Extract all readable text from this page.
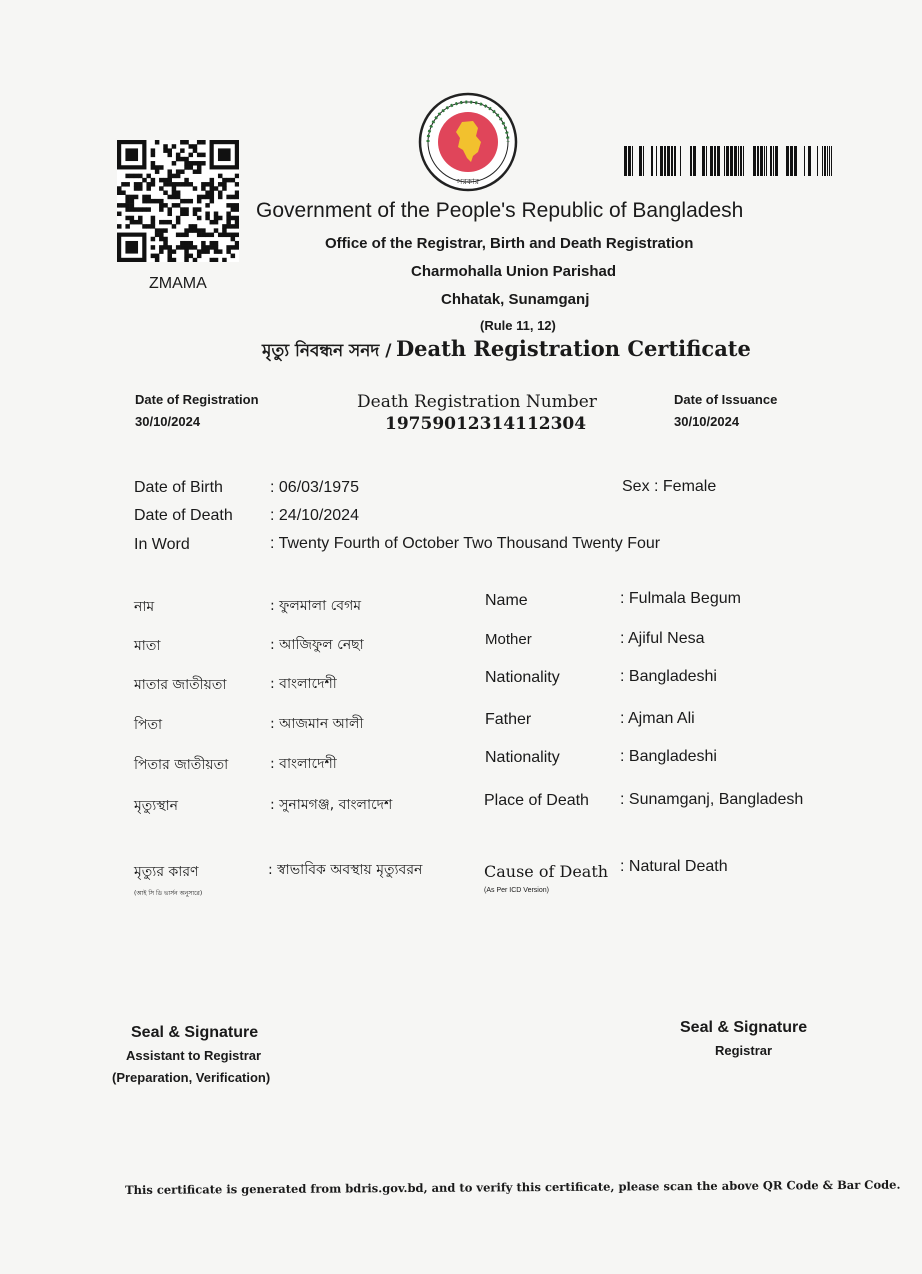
ZMAMA
সরকার
Government of the People's Republic of Bangladesh
Office of the Registrar, Birth and Death Registration
Charmohalla Union Parishad
Chhatak, Sunamganj
(Rule 11, 12)
মৃত্যু নিবন্ধন সনদ / Death Registration Certificate
Date of Registration
30/10/2024
Death Registration Number
19759012314112304
Date of Issuance
30/10/2024
Date of Birth	: 06/03/1975	Sex : Female
Date of Death : 24/10/2024
In Word	: Twenty Fourth of October Two Thousand Twenty Four
নাম	: ফুলমালা বেগম
মাতা	: আজিফুল নেছা
মাতার জাতীয়তা	: বাংলাদেশী
পিতা	: আজমান আলী
পিতার জাতীয়তা	: বাংলাদেশী
মৃত্যুস্থান	: সুনামগঞ্জ, বাংলাদেশ
মৃত্যুর কারণ
(আই সি ডি ভার্সন অনুসারে)
: স্বাভাবিক অবস্থায় মৃত্যুবরন
Name	: Fulmala Begum
Mother	: Ajiful Nesa
Nationality	: Bangladeshi
Father	: Ajman Ali
Nationality	: Bangladeshi
Place of Death : Sunamganj, Bangladesh
Cause of Death
(As Per ICD Version)
: Natural Death
Seal & Signature
Assistant to Registrar
(Preparation, Verification)
Seal & Signature
Registrar
This certificate is generated from bdris.gov.bd, and to verify this certificate, please scan the above QR Code & Bar Code.
